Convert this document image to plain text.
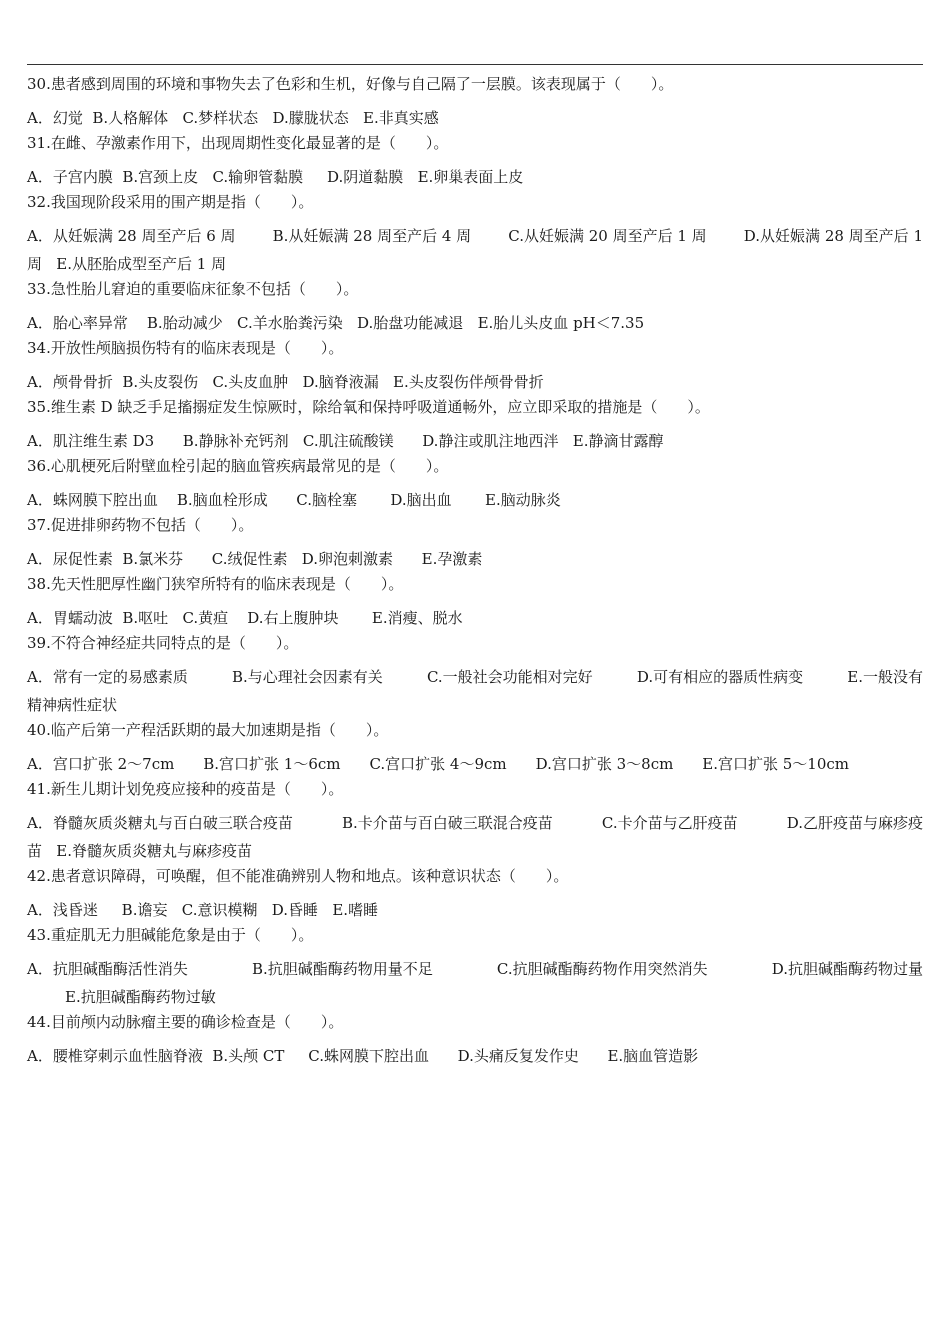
30.患者感到周围的环境和事物失去了色彩和生机，好像与自己隔了一层膜。该表现属于（　　）。

A．幻觉  B.人格解体   C.梦样状态   D.朦胧状态   E.非真实感

31.在雌、孕激素作用下，出现周期性变化最显著的是（　　）。

A．子宫内膜  B.宫颈上皮   C.输卵管黏膜     D.阴道黏膜   E.卵巢表面上皮

32.我国现阶段采用的围产期是指（　　）。

A．从妊娠满 28 周至产后 6 周 B.从妊娠满 28 周至产后 4 周 C.从妊娠满 20 周至产后 1 周 D.从妊娠满 28 周至产后 1

周   E.从胚胎成型至产后 1 周

33.急性胎儿窘迫的重要临床征象不包括（　　）。

A．胎心率异常    B.胎动减少   C.羊水胎粪污染   D.胎盘功能减退   E.胎儿头皮血 pH＜7.35

34.开放性颅脑损伤特有的临床表现是（　　）。

A．颅骨骨折  B.头皮裂伤   C.头皮血肿   D.脑脊液漏   E.头皮裂伤伴颅骨骨折

35.维生素 D 缺乏手足搐搦症发生惊厥时，除给氧和保持呼吸道通畅外，应立即采取的措施是（　　）。

A．肌注维生素 D3      B.静脉补充钙剂   C.肌注硫酸镁      D.静注或肌注地西泮   E.静滴甘露醇

36.心肌梗死后附壁血栓引起的脑血管疾病最常见的是（　　）。

A．蛛网膜下腔出血    B.脑血栓形成      C.脑栓塞       D.脑出血       E.脑动脉炎

37.促进排卵药物不包括（　　）。

A．尿促性素  B.氯米芬      C.绒促性素   D.卵泡刺激素      E.孕激素

38.先天性肥厚性幽门狭窄所特有的临床表现是（　　）。

A．胃蠕动波  B.呕吐   C.黄疸    D.右上腹肿块       E.消瘦、脱水

39.不符合神经症共同特点的是（　　）。

A．常有一定的易感素质	B.与心理社会因素有关	C.一般社会功能相对完好	D.可有相应的器质性病变	E.一般没有

精神病性症状

40.临产后第一产程活跃期的最大加速期是指（　　）。

A．宫口扩张 2～7cm B.宫口扩张 1～6cm C.宫口扩张 4～9cm D.宫口扩张 3～8cm E.宫口扩张 5～10cm

41.新生儿期计划免疫应接种的疫苗是（　　）。

A．脊髓灰质炎糖丸与百白破三联合疫苗	B.卡介苗与百白破三联混合疫苗	C.卡介苗与乙肝疫苗	D.乙肝疫苗与麻疹疫

苗   E.脊髓灰质炎糖丸与麻疹疫苗

42.患者意识障碍，可唤醒，但不能准确辨别人物和地点。该种意识状态（　　）。

A．浅昏迷     B.谵妄   C.意识模糊   D.昏睡   E.嗜睡

43.重症肌无力胆碱能危象是由于（　　）。

A．抗胆碱酯酶活性消失	B.抗胆碱酯酶药物用量不足	C.抗胆碱酯酶药物作用突然消失	D.抗胆碱酯酶药物过量

E.抗胆碱酯酶药物过敏

44.目前颅内动脉瘤主要的确诊检查是（　　）。

A．腰椎穿刺示血性脑脊液  B.头颅 CT     C.蛛网膜下腔出血      D.头痛反复发作史      E.脑血管造影
